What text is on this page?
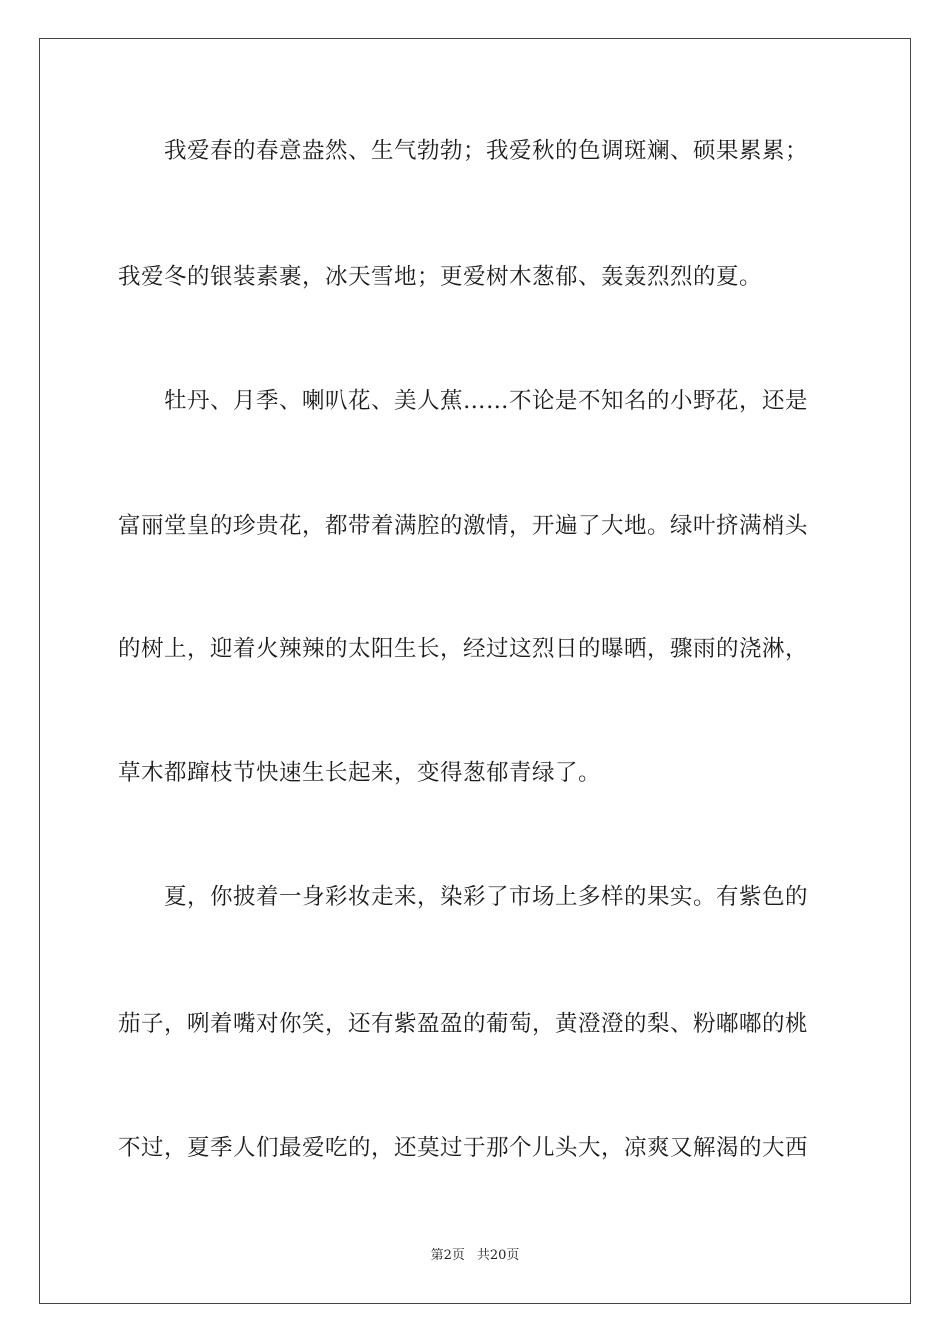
我爱春的春意盎然、生气勃勃；我爱秋的色调斑斓、硕果累累；
我爱冬的银装素裹，冰天雪地；更爱树木葱郁、轰轰烈烈的夏。
牡丹、月季、喇叭花、美人蕉……不论是不知名的小野花，还是
富丽堂皇的珍贵花，都带着满腔的激情，开遍了大地。绿叶挤满梢头
的树上，迎着火辣辣的太阳生长，经过这烈日的曝晒，骤雨的浇淋，
草木都蹿枝节快速生长起来，变得葱郁青绿了。
夏，你披着一身彩妆走来，染彩了市场上多样的果实。有紫色的
茄子，咧着嘴对你笑，还有紫盈盈的葡萄，黄澄澄的梨、粉嘟嘟的桃
不过，夏季人们最爱吃的，还莫过于那个儿头大，凉爽又解渴的大西
第2页 共20页
